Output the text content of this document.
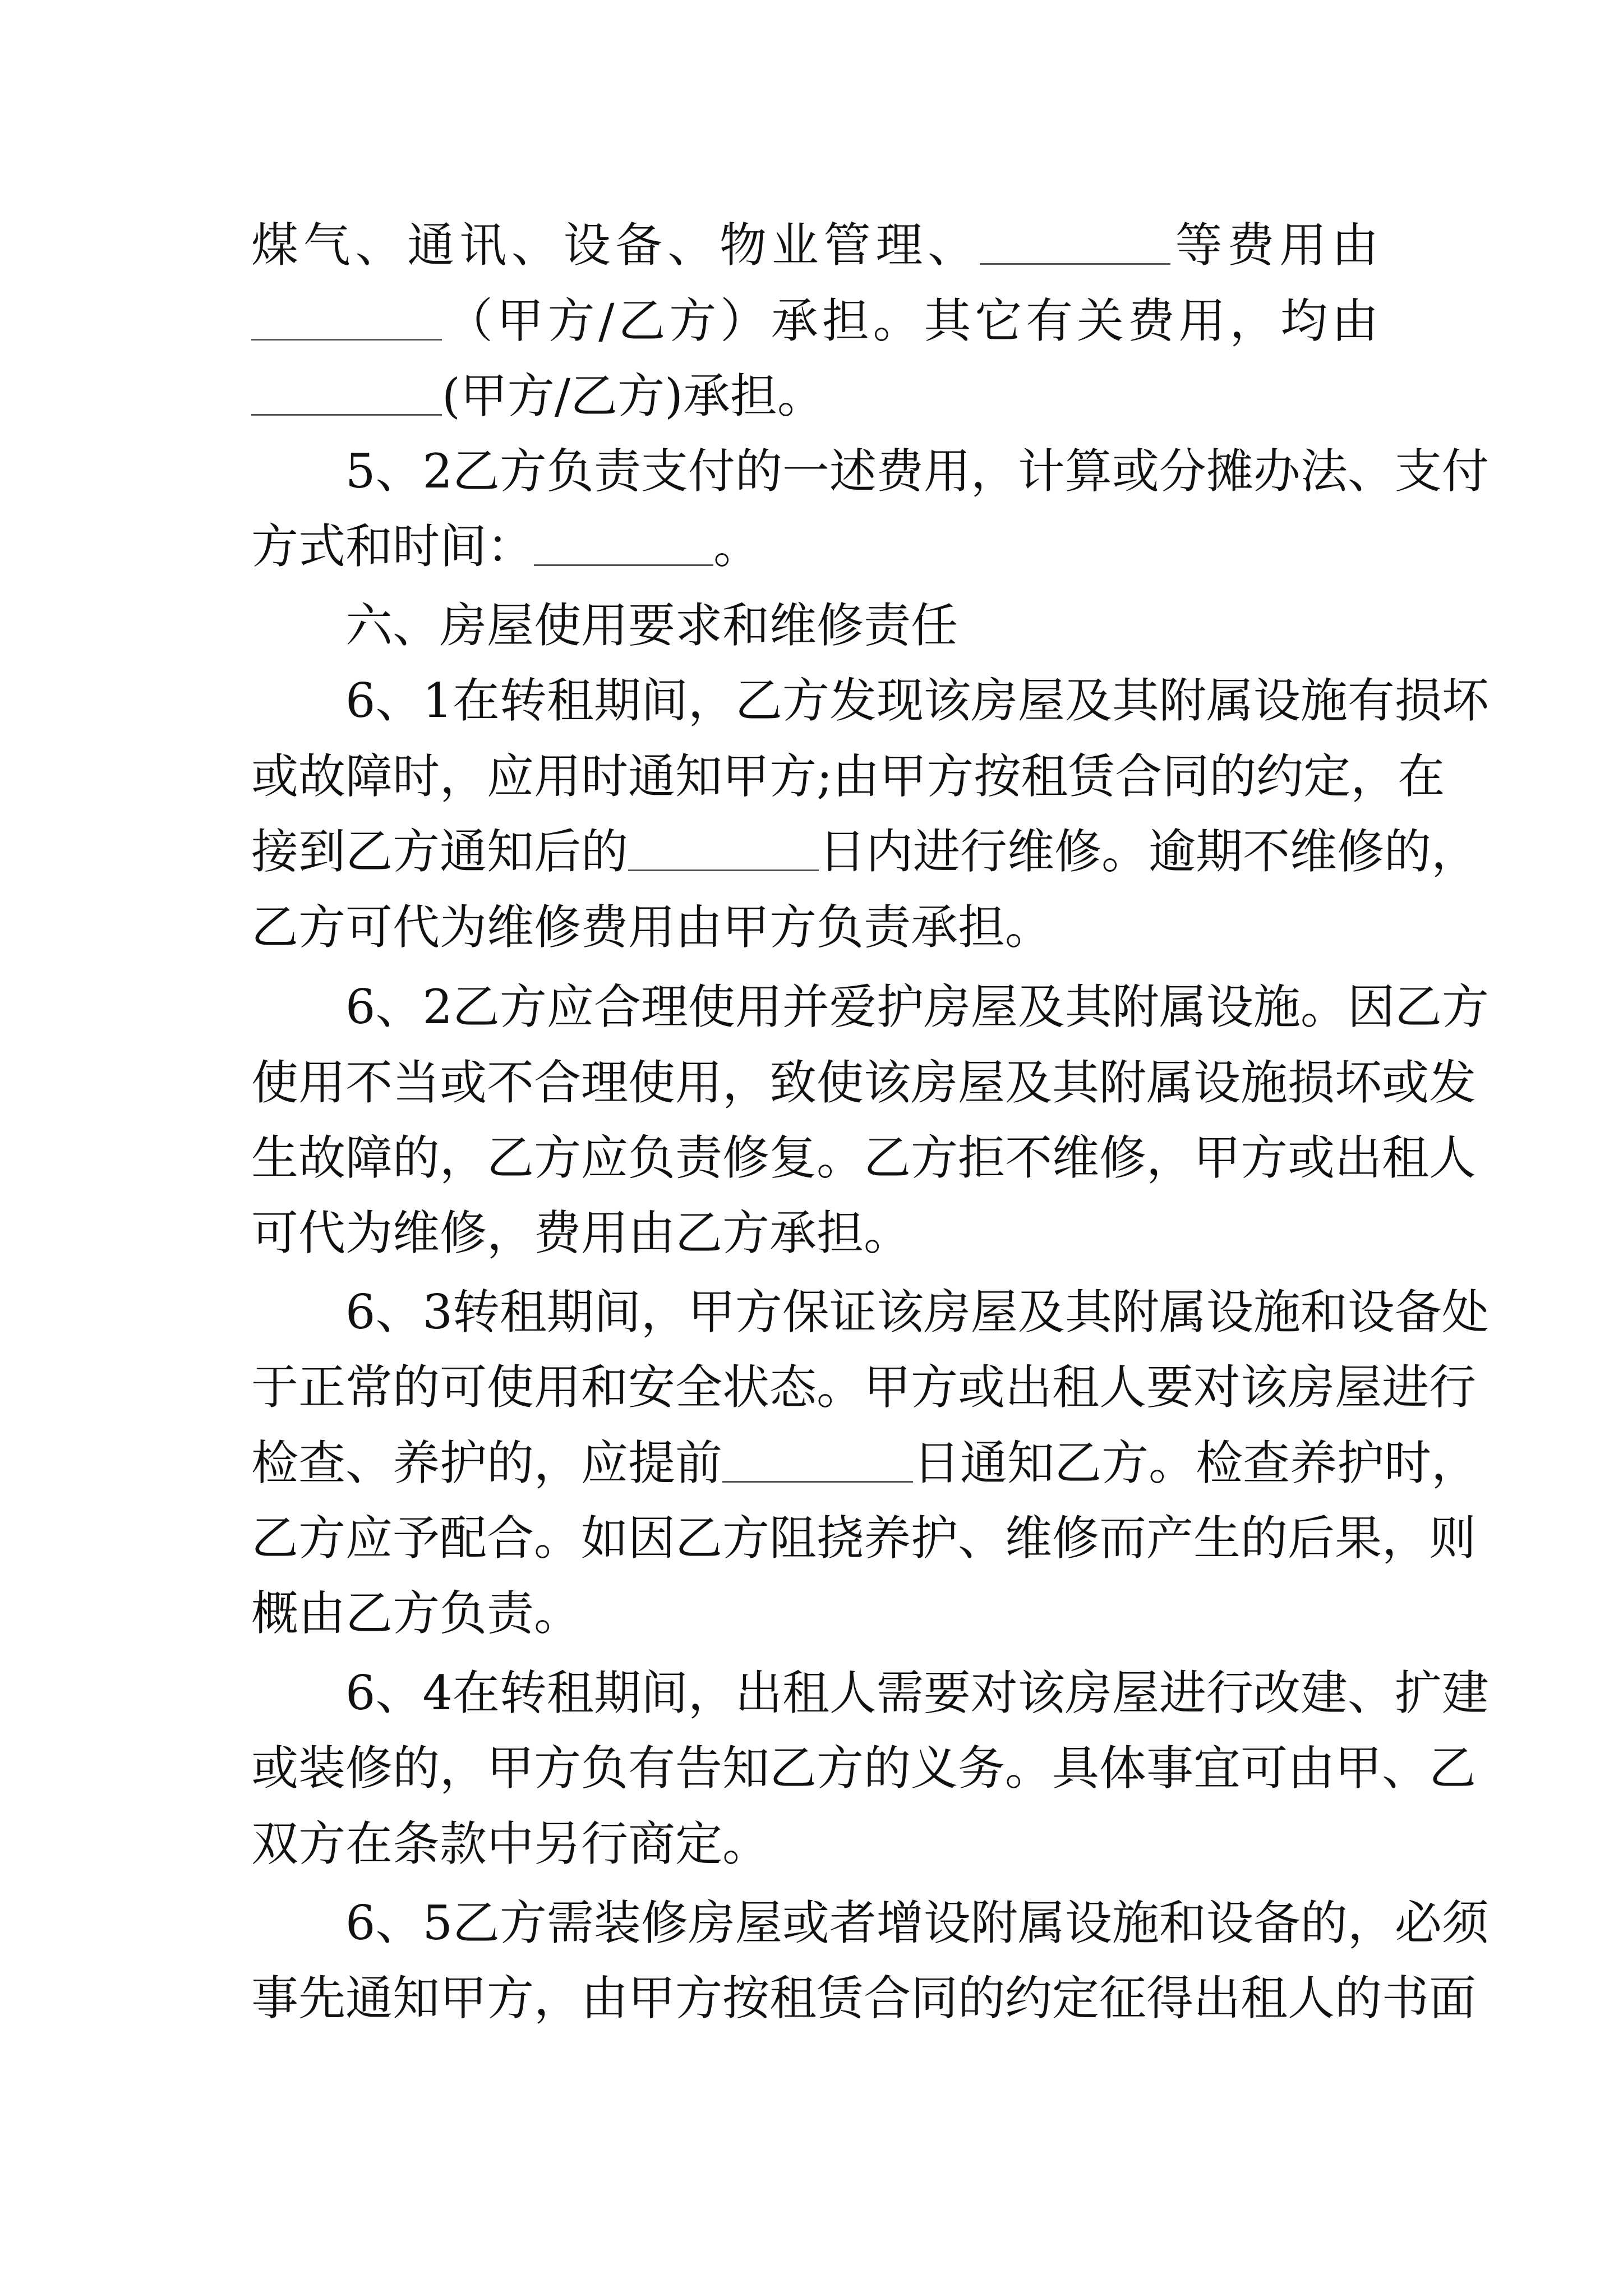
煤气、通讯、设备、物业管理、	等费用由
（甲方/乙方）承担。其它有关费用，均由
(甲方/乙方)承担。
5、2乙方负责支付的一述费用，计算或分摊办法、支付
方式和时间：	。
六、房屋使用要求和维修责任
6、1在转租期间，乙方发现该房屋及其附属设施有损坏
或故障时，应用时通知甲方;由甲方按租赁合同的约定，在
接到乙方通知后的	日内进行维修。逾期不维修的，
乙方可代为维修费用由甲方负责承担。
6、2乙方应合理使用并爱护房屋及其附属设施。因乙方
使用不当或不合理使用，致使该房屋及其附属设施损坏或发
生故障的，乙方应负责修复。乙方拒不维修，甲方或出租人
可代为维修，费用由乙方承担。
6、3转租期间，甲方保证该房屋及其附属设施和设备处
于正常的可使用和安全状态。甲方或出租人要对该房屋进行
检查、养护的，应提前	日通知乙方。检查养护时，
乙方应予配合。如因乙方阻挠养护、维修而产生的后果，则
概由乙方负责。
6、4在转租期间，出租人需要对该房屋进行改建、扩建
或装修的，甲方负有告知乙方的义务。具体事宜可由甲、乙
双方在条款中另行商定。
6、5乙方需装修房屋或者增设附属设施和设备的，必须
事先通知甲方，由甲方按租赁合同的约定征得出租人的书面
